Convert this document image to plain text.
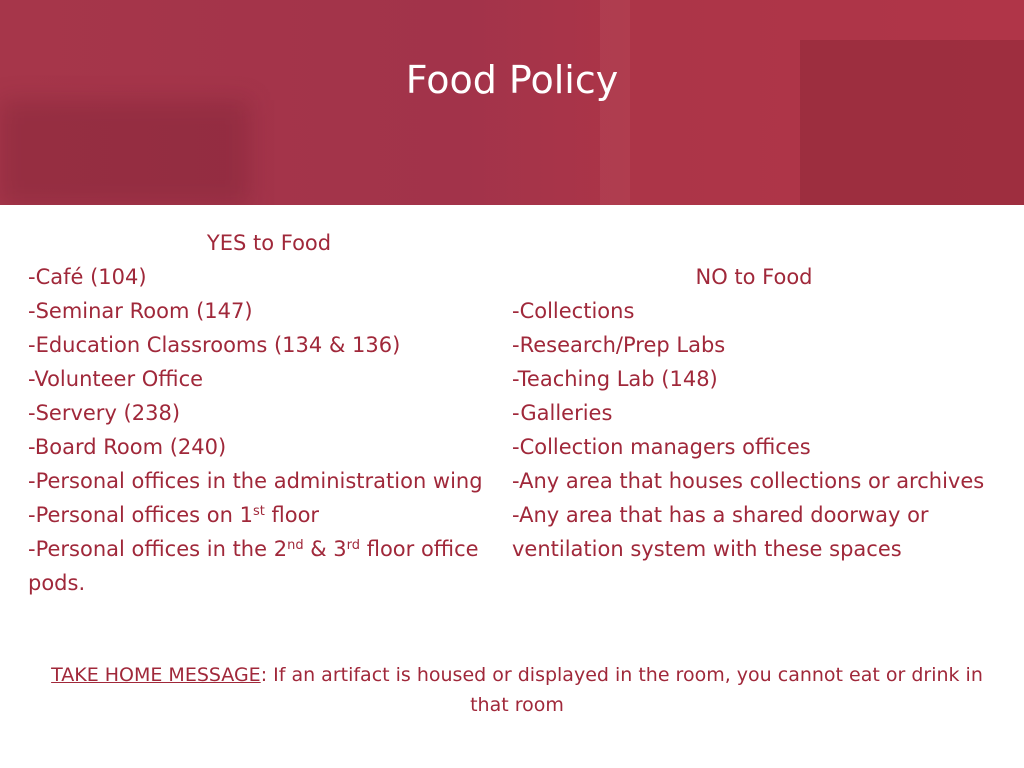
Food Policy
YES to Food
-Café (104)
-Seminar Room (147)
-Education Classrooms (134 & 136)
-Volunteer Office
-Servery (238)
-Board Room (240)
-Personal offices in the administration wing
-Personal offices on 1st floor
-Personal offices in the 2nd & 3rd floor office pods.
NO to Food
-Collections
-Research/Prep Labs
-Teaching Lab (148)
-Galleries
-Collection managers offices
-Any area that houses collections or archives
-Any area that has a shared doorway or ventilation system with these spaces
TAKE HOME MESSAGE: If an artifact is housed or displayed in the room, you cannot eat or drink in that room
